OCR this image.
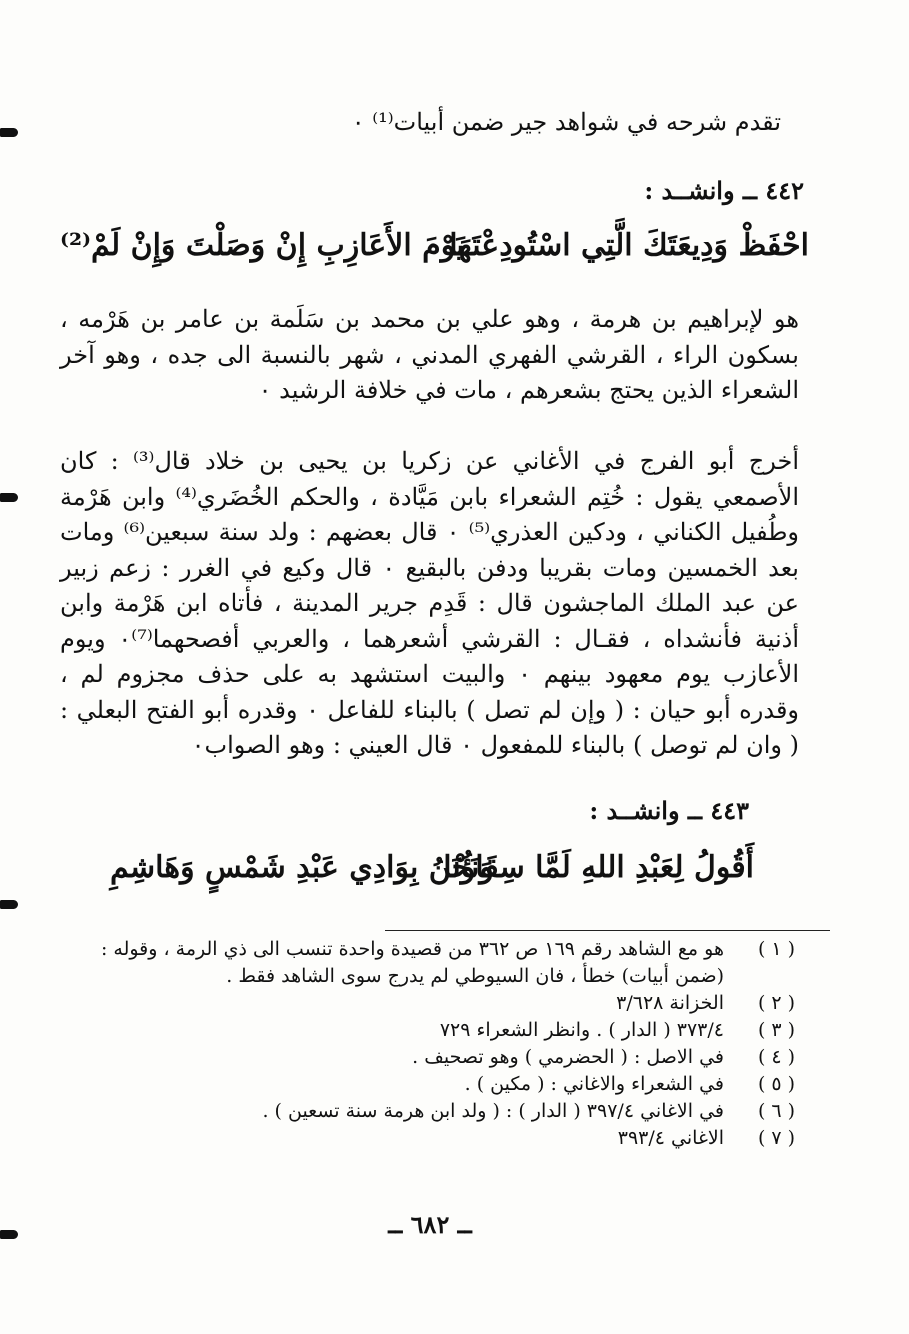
تقدم شرحه في شواهد جير ضمن أبيات⁽¹⁾ ٠
٤٤٢ ــ وانشــد :
احْفَظْ وَدِيعَتَكَ الَّتِي اسْتُودِعْتَهَا
يَوْمَ الأَعَازِبِ إِنْ وَصَلْتَ وَإِنْ لَمْ⁽²⁾

هو لإبراهيم بن هرمة ، وهو علي بن محمد بن سَلَمة بن عامر بن هَرْمه ، بسكون الراء ، القرشي الفهري المدني ، شهر بالنسبة الى جده ، وهو آخر الشعراء الذين يحتج بشعرهم ، مات في خلافة الرشيد ٠

أخرج أبو الفرج في الأغاني عن زكريا بن يحيى بن خلاد قال⁽³⁾ : كان الأصمعي يقول : خُتِم الشعراء بابن مَيَّادة ، والحكم الخُضَري⁽⁴⁾ وابن هَرْمة وطُفيل الكناني ، ودكين العذري⁽⁵⁾ ٠ قال بعضهم : ولد سنة سبعين⁽⁶⁾ ومات بعد الخمسين ومات بقريبا ودفن بالبقيع ٠ قال وكيع في الغرر : زعم زبير عن عبد الملك الماجشون قال : قَدِم جرير المدينة ، فأتاه ابن هَرْمة وابن أذنية فأنشداه ، فقـال : القرشي أشعرهما ، والعربي أفصحهما⁽⁷⁾٠ ويوم الأعازب يوم معهود بينهم ٠ والبيت استشهد به على حذف مجزوم لم ، وقدره أبو حيان : ( وإن لم تصل ) بالبناء للفاعل ٠ وقدره أبو الفتح البعلي : ( وان لم توصل ) بالبناء للمفعول ٠ قال العيني : وهو الصواب٠

٤٤٣ ــ وانشــد :
أَقُولُ لِعَبْدِ اللهِ لَمَّا سِقَاؤُنَا
وَنَحْنُ بِوَادِي عَبْدِ شَمْسٍ وَهَاشِمِ
( ١ )
هو مع الشاهد رقم ١٦٩ ص ٣٦٢ من قصيدة واحدة تنسب الى ذي الرمة ، وقوله : (ضمن أبيات) خطأ ، فان السيوطي لم يدرج سوى الشاهد فقط .
( ٢ )
الخزانة ٣/٦٢٨
( ٣ )
٣٧٣/٤ ( الدار ) . وانظر الشعراء ٧٢٩
( ٤ )
في الاصل : ( الحضرمي ) وهو تصحيف .
( ٥ )
في الشعراء والاغاني : ( مكين ) .
( ٦ )
في الاغاني ٣٩٧/٤ ( الدار ) : ( ولد ابن هرمة سنة تسعين ) .
( ٧ )
الاغاني ٣٩٣/٤
ــ ٦٨٢ ــ
